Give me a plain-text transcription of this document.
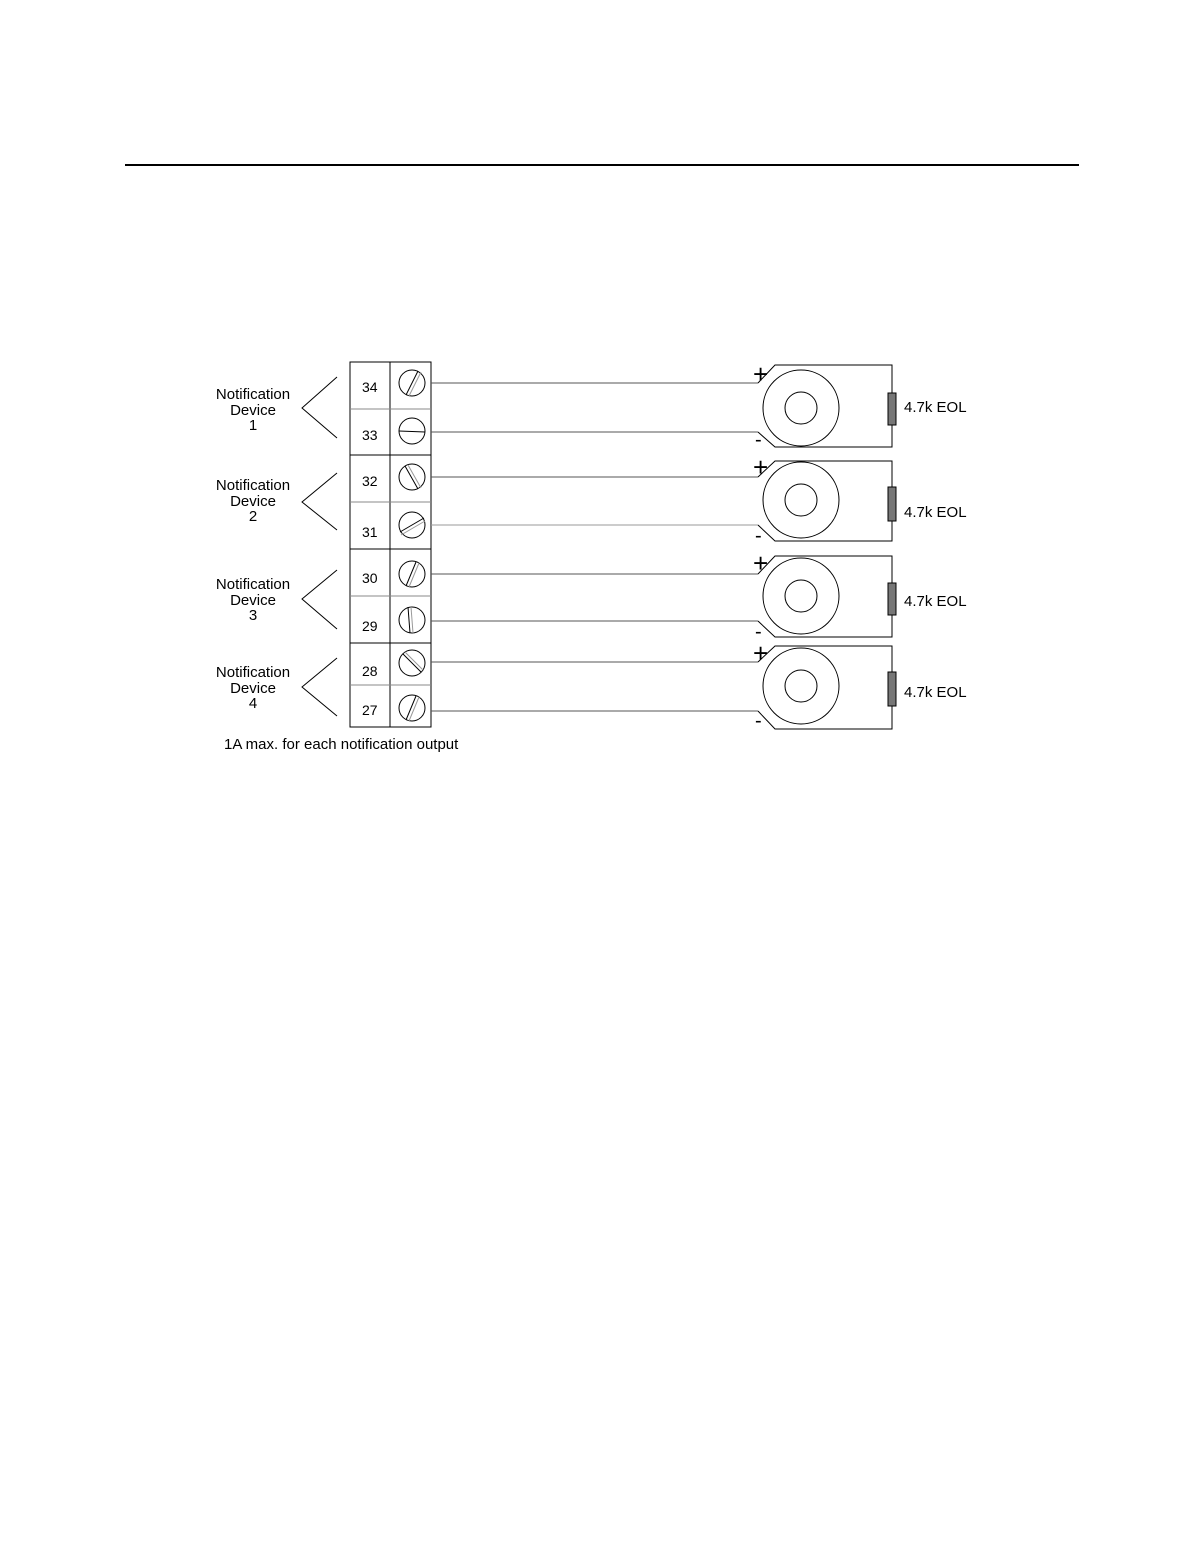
Notification
Device
1
34
33
+
-
4.7k EOL
Notification
Device
2
32
31
+
-
4.7k EOL
Notification
Device
3
30
29
+
-
4.7k EOL
Notification
Device
4
28
27
+
-
4.7k EOL
1A max. for each notification output
